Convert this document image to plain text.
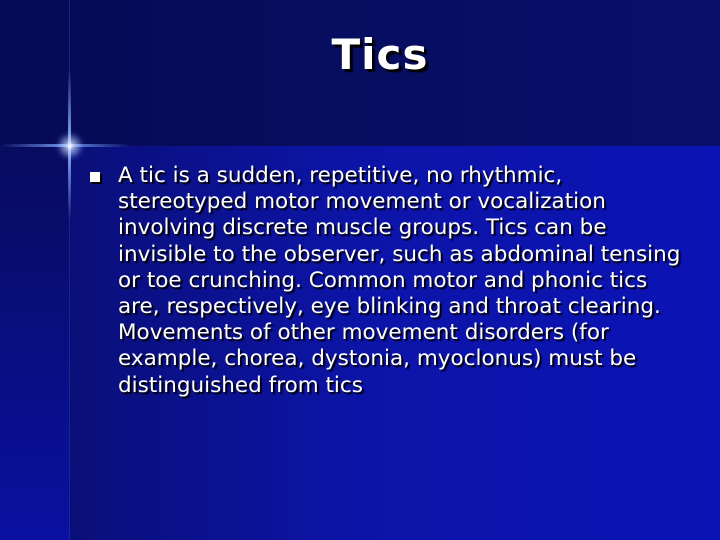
Tics

A tic is a sudden, repetitive, no rhythmic, stereotyped motor movement or vocalization involving discrete muscle groups. Tics can be invisible to the observer, such as abdominal tensing or toe crunching. Common motor and phonic tics are, respectively, eye blinking and throat clearing. Movements of other movement disorders (for example, chorea, dystonia, myoclonus) must be distinguished from tics
